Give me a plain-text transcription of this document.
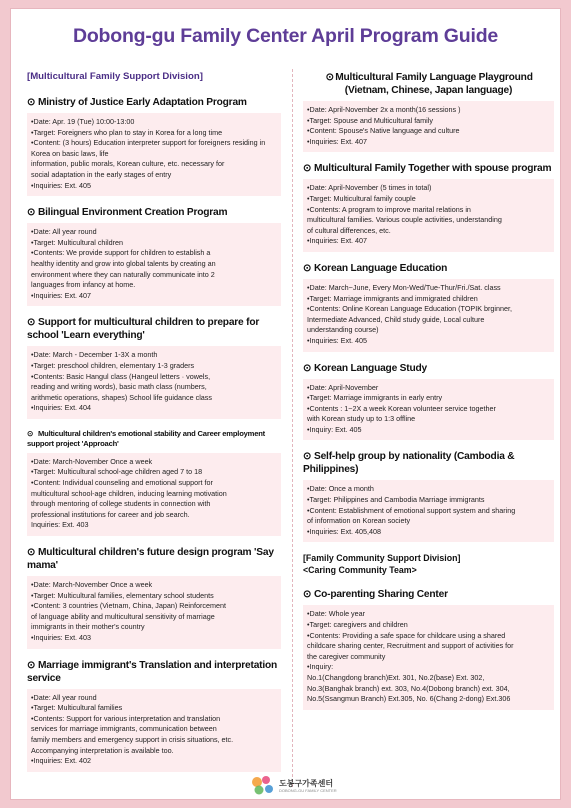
Dobong-gu Family Center April Program Guide
[Multicultural Family Support Division]
⊙ Ministry of Justice Early Adaptation Program
•Date: Apr. 19 (Tue) 10:00-13:00
•Target: Foreigners who plan to stay in Korea for a long time
•Content: (3 hours) Education interpreter support for foreigners residing in Korea on basic laws, life
information, public morals, Korean culture, etc. necessary for
social adaptation in the early stages of entry
•Inquiries: Ext. 405
⊙ Bilingual Environment Creation Program
•Date: All year round
•Target: Multicultural children
•Contents: We provide support for children to establish a
healthy identity and grow into global talents by creating an
environment where they can naturally communicate into 2
languages from infancy at home.
•Inquiries: Ext. 407
⊙ Support for multicultural children to prepare for school 'Learn everything'
•Date: March - December 1-3X a month
•Target: preschool children, elementary 1-3 graders
•Contents: Basic Hangul class (Hangeul letters · vowels,
reading and writing words), basic math class (numbers,
arithmetic operations, shapes) School life guidance class
•Inquiries: Ext. 404
⊙ Multicultural children's emotional stability and Career employment support project 'Approach'
•Date: March-November Once a week
•Target: Multicultural school-age children aged 7 to 18
•Content: Individual counseling and emotional support for
multicultural school-age children, inducing learning motivation
through mentoring of college students in connection with
professional institutions for career and job search.
Inquiries: Ext. 403
⊙ Multicultural children's future design program 'Say mama'
•Date: March-November Once a week
•Target: Multicultural families, elementary school students
•Content: 3 countries (Vietnam, China, Japan) Reinforcement
of language ability and multicultural sensitivity of marriage
immigrants in their mother's country
•Inquiries: Ext. 403
⊙ Marriage immigrant's Translation and interpretation service
•Date: All year round
•Target: Multicultural families
•Contents: Support for various interpretation and translation
services for marriage immigrants, communication between
family members and emergency support in crisis situations, etc.
Accompanying interpretation is available too.
•Inquiries: Ext. 402
⊙Multicultural Family Language Playground (Vietnam, Chinese, Japan language)
•Date: April-November 2x a month(16 sessions )
•Target: Spouse and Multicultural family
•Content: Spouse's Native language and culture
•Inquiries: Ext. 407
⊙ Multicultural Family Together with spouse program
•Date: April-November (5 times in total)
•Target: Multicultural family couple
•Contents: A program to improve marital relations in
multicultural families. Various couple activities, understanding
of cultural differences, etc.
•Inquiries: Ext. 407
⊙ Korean Language Education
•Date: March~June, Every Mon-Wed/Tue-Thur/Fri./Sat. class
•Target: Marriage immigrants and immigrated children
•Contents: Online Korean Language Education (TOPIK brginner,
Intermediate Advanced, Child study guide, Local culture
understanding course)
•Inquiries: Ext. 405
⊙ Korean Language Study
•Date: April-November
•Target: Marriage immigrants in early entry
•Contents : 1~2X a week Korean volunteer service together
with Korean study up to 1:3 offline
•Inquiry: Ext. 405
⊙ Self-help group by nationality (Cambodia & Philippines)
•Date: Once a month
•Target: Philippines and Cambodia Marriage immigrants
•Content: Establishment of emotional support system and sharing
of information on Korean society
•Inquiries: Ext. 405,408
[Family Community Support Division]
<Caring Community Team>
⊙ Co-parenting Sharing Center
•Date: Whole year
•Target: caregivers and children
•Contents: Providing a safe space for childcare using a shared
childcare sharing center, Recruitment and support of activities for
the caregiver community
•Inquiry:
No.1(Changdong branch)Ext. 301, No.2(base) Ext. 302,
No.3(Banghak branch) ext. 303, No.4(Dobong branch) ext. 304,
No.5(Ssangmun Branch) Ext.305, No. 6(Chang 2-dong) Ext.306
도봉구가족센터
DOBONG-GU FAMILY CENTER
